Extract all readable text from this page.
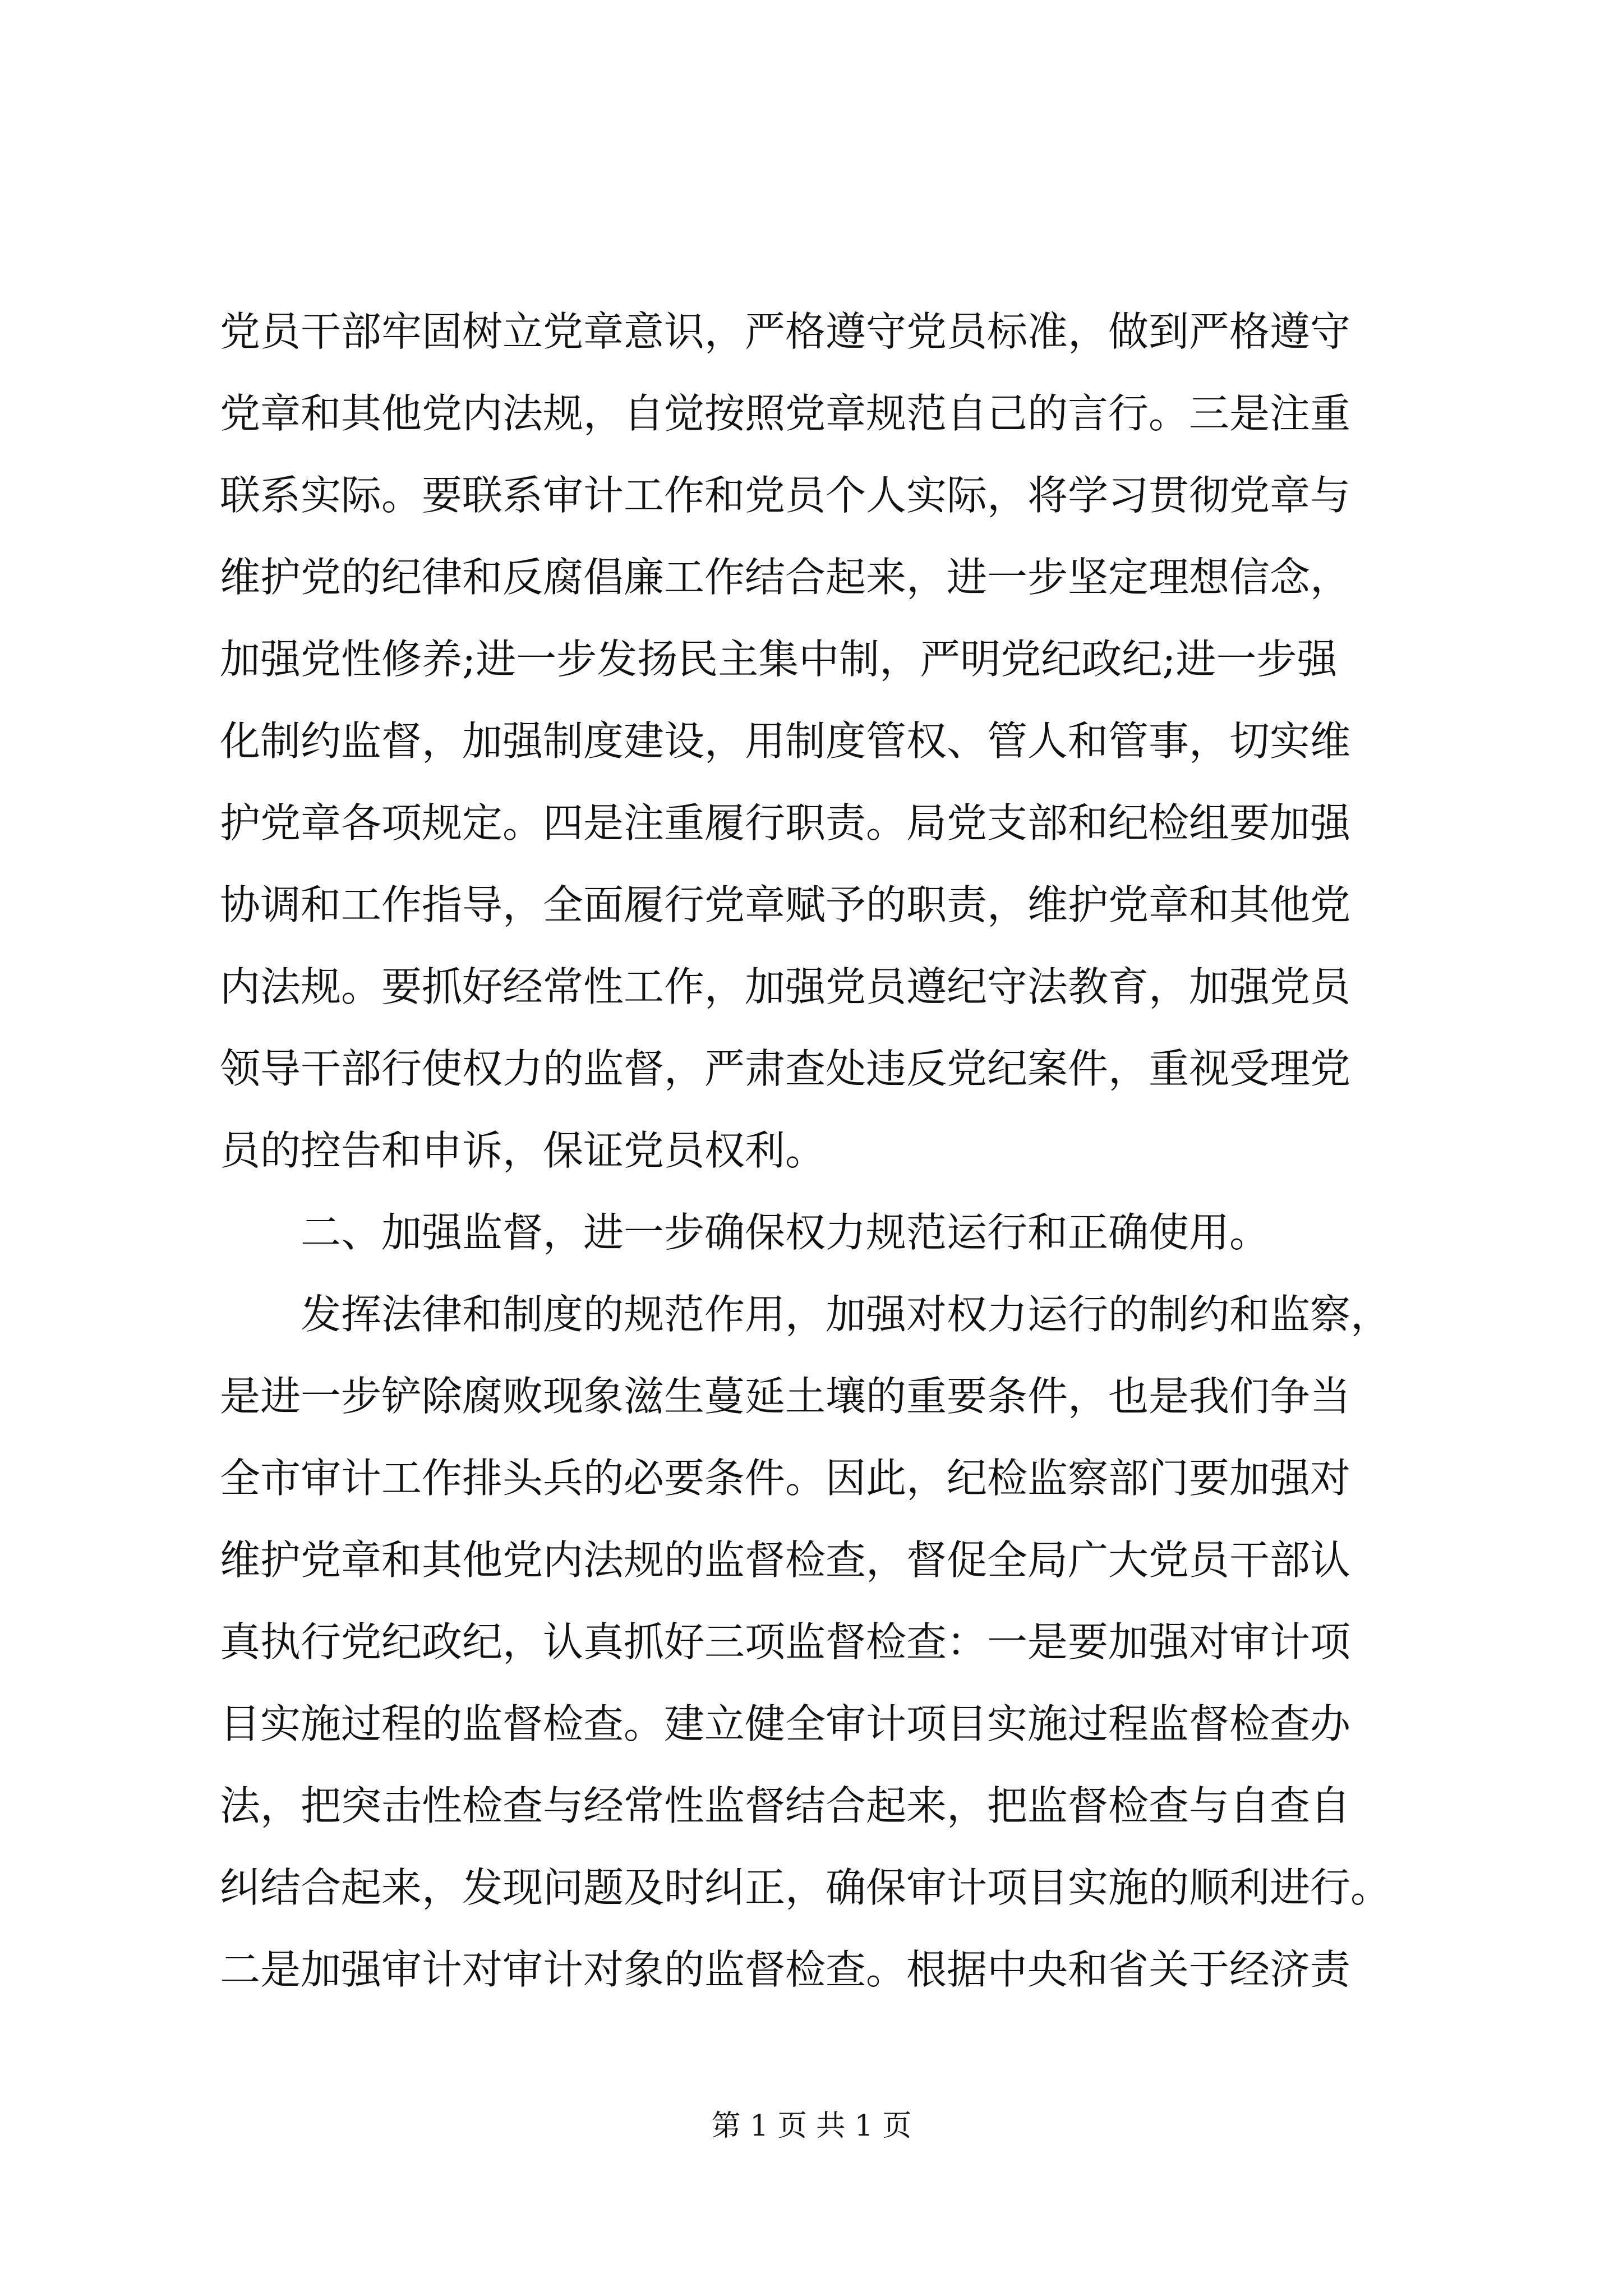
党员干部牢固树立党章意识，严格遵守党员标准，做到严格遵守
党章和其他党内法规，自觉按照党章规范自己的言行。三是注重
联系实际。要联系审计工作和党员个人实际，将学习贯彻党章与
维护党的纪律和反腐倡廉工作结合起来，进一步坚定理想信念，
加强党性修养;进一步发扬民主集中制，严明党纪政纪;进一步强
化制约监督，加强制度建设，用制度管权、管人和管事，切实维
护党章各项规定。四是注重履行职责。局党支部和纪检组要加强
协调和工作指导，全面履行党章赋予的职责，维护党章和其他党
内法规。要抓好经常性工作，加强党员遵纪守法教育，加强党员
领导干部行使权力的监督，严肃查处违反党纪案件，重视受理党
员的控告和申诉，保证党员权利。
　　二、加强监督，进一步确保权力规范运行和正确使用。
　　发挥法律和制度的规范作用，加强对权力运行的制约和监察，
是进一步铲除腐败现象滋生蔓延土壤的重要条件，也是我们争当
全市审计工作排头兵的必要条件。因此，纪检监察部门要加强对
维护党章和其他党内法规的监督检查，督促全局广大党员干部认
真执行党纪政纪，认真抓好三项监督检查：一是要加强对审计项
目实施过程的监督检查。建立健全审计项目实施过程监督检查办
法，把突击性检查与经常性监督结合起来，把监督检查与自查自
纠结合起来，发现问题及时纠正，确保审计项目实施的顺利进行。
二是加强审计对审计对象的监督检查。根据中央和省关于经济责
第 1 页 共 1 页
